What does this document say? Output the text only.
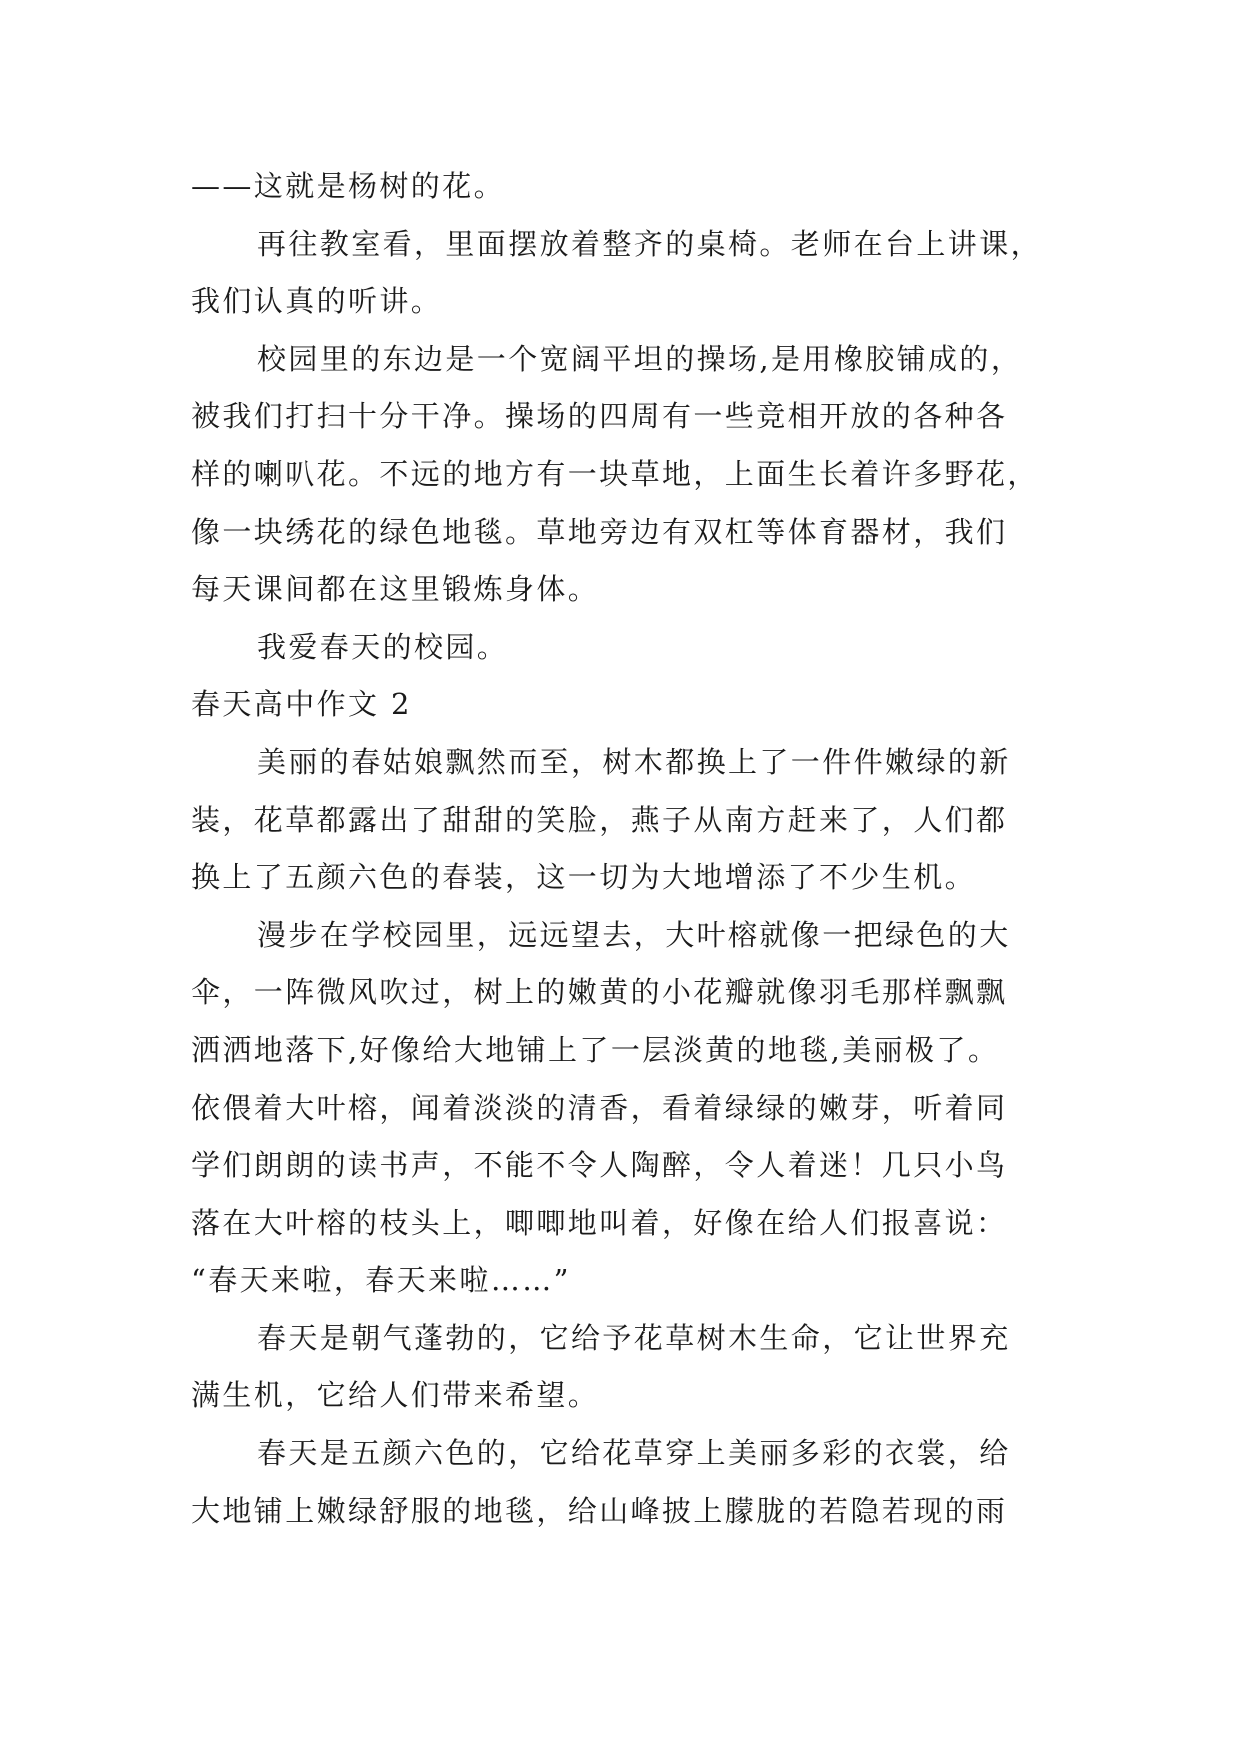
——这就是杨树的花。
再往教室看，里面摆放着整齐的桌椅。老师在台上讲课，
我们认真的听讲。
校园里的东边是一个宽阔平坦的操场,是用橡胶铺成的，
被我们打扫十分干净。操场的四周有一些竞相开放的各种各
样的喇叭花。不远的地方有一块草地，上面生长着许多野花，
像一块绣花的绿色地毯。草地旁边有双杠等体育器材，我们
每天课间都在这里锻炼身体。
我爱春天的校园。
春天高中作文 2
美丽的春姑娘飘然而至，树木都换上了一件件嫩绿的新
装，花草都露出了甜甜的笑脸，燕子从南方赶来了，人们都
换上了五颜六色的春装，这一切为大地增添了不少生机。
漫步在学校园里，远远望去，大叶榕就像一把绿色的大
伞，一阵微风吹过，树上的嫩黄的小花瓣就像羽毛那样飘飘
洒洒地落下,好像给大地铺上了一层淡黄的地毯,美丽极了。
依偎着大叶榕，闻着淡淡的清香，看着绿绿的嫩芽，听着同
学们朗朗的读书声，不能不令人陶醉，令人着迷！几只小鸟
落在大叶榕的枝头上，唧唧地叫着，好像在给人们报喜说：
“春天来啦，春天来啦……”
春天是朝气蓬勃的，它给予花草树木生命，它让世界充
满生机，它给人们带来希望。
春天是五颜六色的，它给花草穿上美丽多彩的衣裳，给
大地铺上嫩绿舒服的地毯，给山峰披上朦胧的若隐若现的雨
